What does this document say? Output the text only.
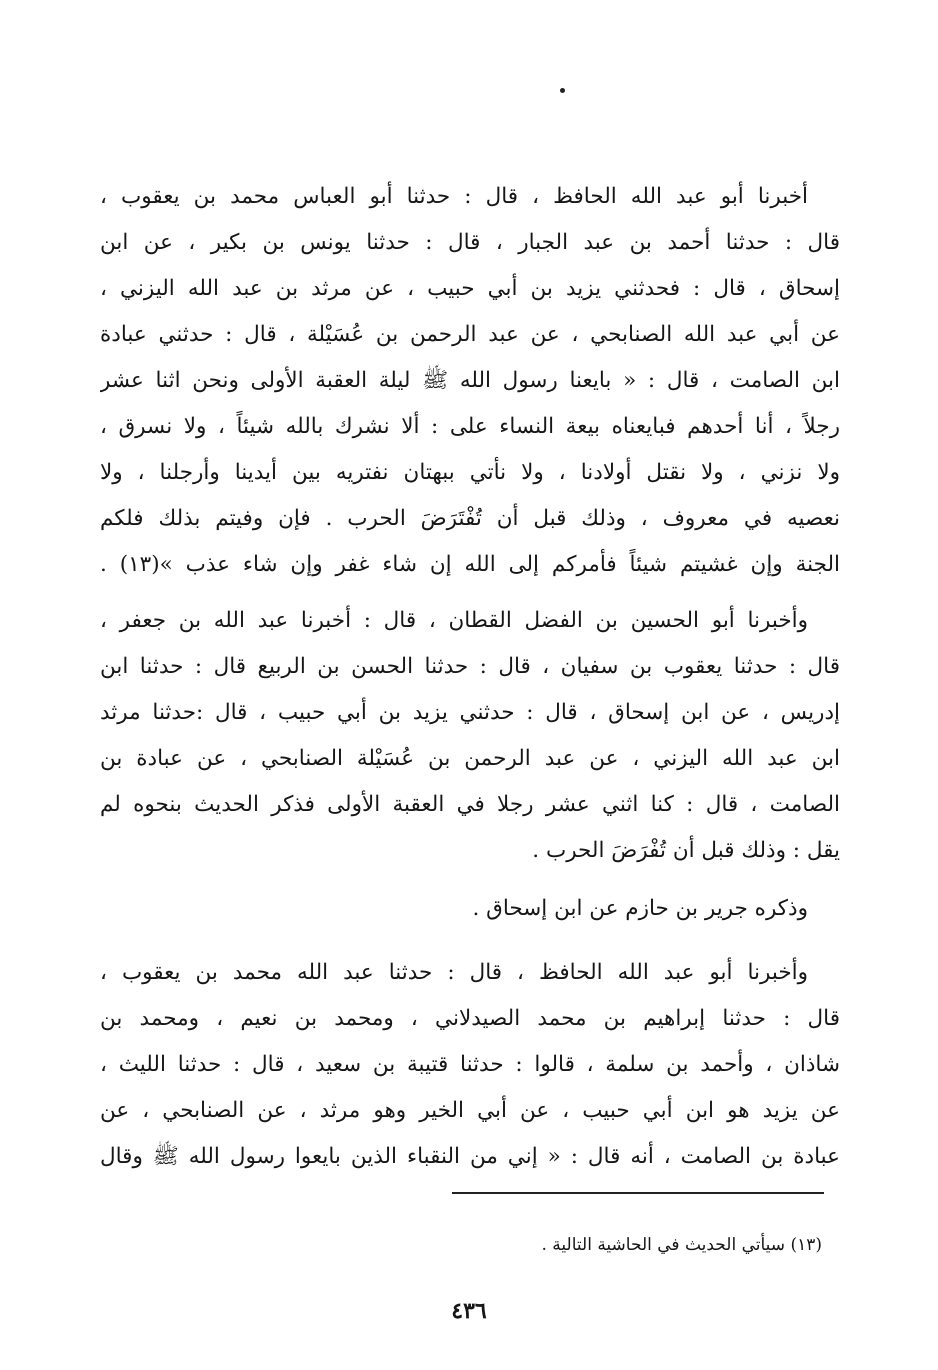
أخبرنا أبو عبد الله الحافظ ، قال : حدثنا أبو العباس محمد بن يعقوب ،
قال : حدثنا أحمد بن عبد الجبار ، قال : حدثنا يونس بن بكير ، عن ابن
إسحاق ، قال : فحدثني يزيد بن أبي حبيب ، عن مرثد بن عبد الله اليزني ،
عن أبي عبد الله الصنابحي ، عن عبد الرحمن بن عُسَيْلة ، قال : حدثني عبادة
ابن الصامت ، قال : « بايعنا رسول الله ﷺ ليلة العقبة الأولى ونحن اثنا عشر
رجلاً ، أنا أحدهم فبايعناه بيعة النساء على : ألا نشرك بالله شيئاً ، ولا نسرق ،
ولا نزني ، ولا نقتل أولادنا ، ولا نأتي ببهتان نفتريه بين أيدينا وأرجلنا ، ولا
نعصيه في معروف ، وذلك قبل أن تُفْتَرَضَ الحرب . فإن وفيتم بذلك فلكم
الجنة وإن غشيتم شيئاً فأمركم إلى الله إن شاء غفر وإن شاء عذب »(١٣) .
وأخبرنا أبو الحسين بن الفضل القطان ، قال : أخبرنا عبد الله بن جعفر ،
قال : حدثنا يعقوب بن سفيان ، قال : حدثنا الحسن بن الربيع قال : حدثنا ابن
إدريس ، عن ابن إسحاق ، قال : حدثني يزيد بن أبي حبيب ، قال :حدثنا مرثد
ابن عبد الله اليزني ، عن عبد الرحمن بن عُسَيْلة الصنابحي ، عن عبادة بن
الصامت ، قال : كنا اثني عشر رجلا في العقبة الأولى فذكر الحديث بنحوه لم
يقل : وذلك قبل أن تُفْرَضَ الحرب .
وذكره جرير بن حازم عن ابن إسحاق .
وأخبرنا أبو عبد الله الحافظ ، قال : حدثنا عبد الله محمد بن يعقوب ،
قال : حدثنا إبراهيم بن محمد الصيدلاني ، ومحمد بن نعيم ، ومحمد بن
شاذان ، وأحمد بن سلمة ، قالوا : حدثنا قتيبة بن سعيد ، قال : حدثنا الليث ،
عن يزيد هو ابن أبي حبيب ، عن أبي الخير وهو مرثد ، عن الصنابحي ، عن
عبادة بن الصامت ، أنه قال : « إني من النقباء الذين بايعوا رسول الله ﷺ وقال
(١٣) سيأتي الحديث في الحاشية التالية .
٤٣٦
